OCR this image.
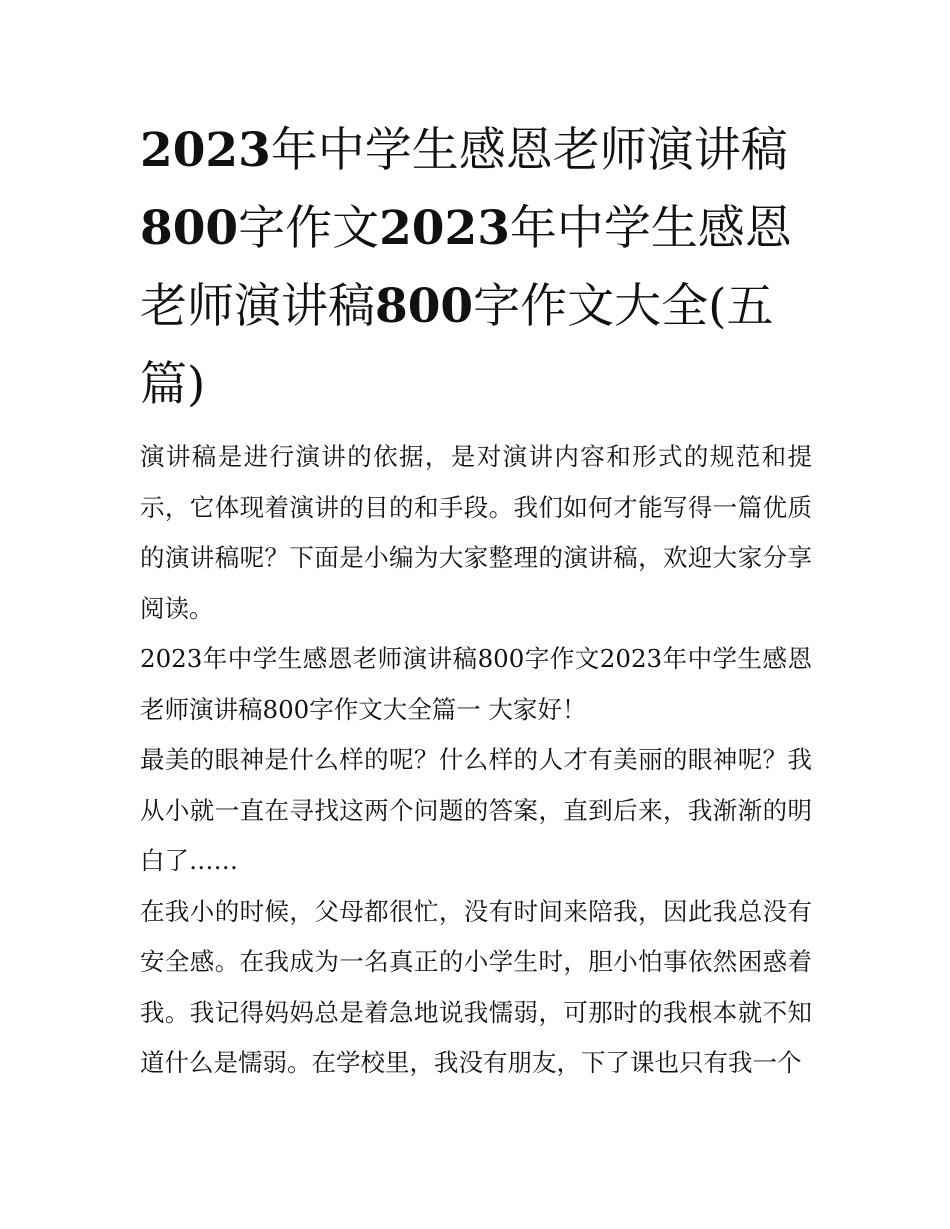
2023年中学生感恩老师演讲稿800字作文2023年中学生感恩老师演讲稿800字作文大全(五篇)

演讲稿是进行演讲的依据，是对演讲内容和形式的规范和提示，它体现着演讲的目的和手段。我们如何才能写得一篇优质的演讲稿呢？下面是小编为大家整理的演讲稿，欢迎大家分享阅读。

2023年中学生感恩老师演讲稿800字作文2023年中学生感恩老师演讲稿800字作文大全篇一 大家好！

最美的眼神是什么样的呢？什么样的人才有美丽的眼神呢？我从小就一直在寻找这两个问题的答案，直到后来，我渐渐的明白了……

在我小的时候，父母都很忙，没有时间来陪我，因此我总没有安全感。在我成为一名真正的小学生时，胆小怕事依然困惑着我。我记得妈妈总是着急地说我懦弱，可那时的我根本就不知道什么是懦弱。在学校里，我没有朋友，下了课也只有我一个
